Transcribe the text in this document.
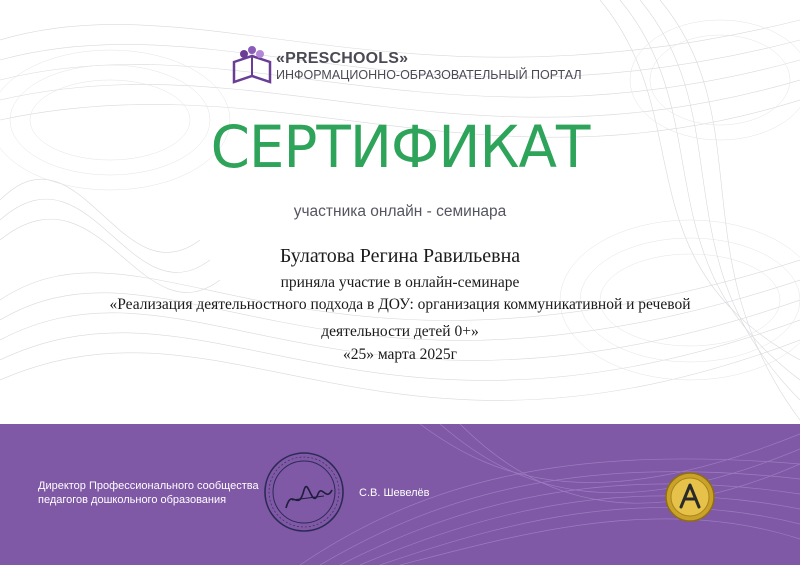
«PRESCHOOLS»
ИНФОРМАЦИОННО-ОБРАЗОВАТЕЛЬНЫЙ ПОРТАЛ
СЕРТИФИКАТ
участника онлайн - семинара
Булатова Регина Равильевна
приняла участие в онлайн-семинаре
«Реализация деятельностного подхода в ДОУ: организация коммуникативной и речевой
деятельности детей 0+»
«25» марта 2025г
Директор Профессионального сообщества педагогов дошкольного образования
С.В. Шевелёв
